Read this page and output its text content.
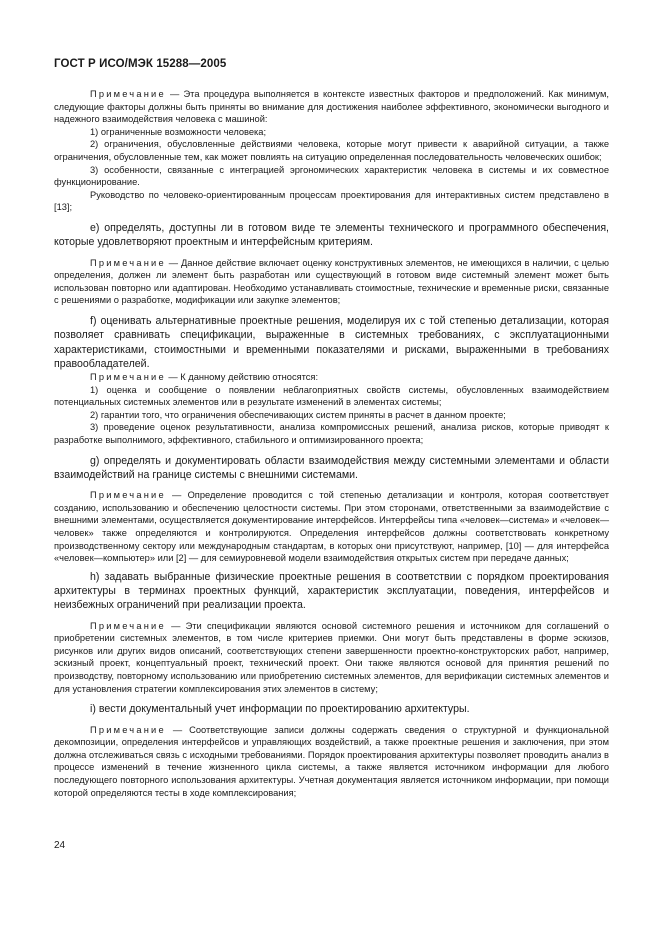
ГОСТ Р ИСО/МЭК 15288—2005

Примечание — Эта процедура выполняется в контексте известных факторов и предположений. Как минимум, следующие факторы должны быть приняты во внимание для достижения наиболее эффективного, экономически выгодного и надежного взаимодействия человека с машиной:

1) ограниченные возможности человека;

2) ограничения, обусловленные действиями человека, которые могут привести к аварийной ситуации, а также ограничения, обусловленные тем, как может повлиять на ситуацию определенная последовательность человеческих ошибок;

3) особенности, связанные с интеграцией эргономических характеристик человека в системы и их совместное функционирование.

Руководство по человеко-ориентированным процессам проектирования для интерактивных систем представлено в [13];

e) определять, доступны ли в готовом виде те элементы технического и программного обеспечения, которые удовлетворяют проектным и интерфейсным критериям.

Примечание — Данное действие включает оценку конструктивных элементов, не имеющихся в наличии, с целью определения, должен ли элемент быть разработан или существующий в готовом виде системный элемент может быть использован повторно или адаптирован. Необходимо устанавливать стоимостные, технические и временные риски, связанные с решениями о разработке, модификации или закупке элементов;

f) оценивать альтернативные проектные решения, моделируя их с той степенью детализации, которая позволяет сравнивать спецификации, выраженные в системных требованиях, с эксплуатационными характеристиками, стоимостными и временными показателями и рисками, выраженными в требованиях правообладателей.

Примечание — К данному действию относятся:

1) оценка и сообщение о появлении неблагоприятных свойств системы, обусловленных взаимодействием потенциальных системных элементов или в результате изменений в элементах системы;

2) гарантии того, что ограничения обеспечивающих систем приняты в расчет в данном проекте;

3) проведение оценок результативности, анализа компромиссных решений, анализа рисков, которые приводят к разработке выполнимого, эффективного, стабильного и оптимизированного проекта;

g) определять и документировать области взаимодействия между системными элементами и области взаимодействий на границе системы с внешними системами.

Примечание — Определение проводится с той степенью детализации и контроля, которая соответствует созданию, использованию и обеспечению целостности системы. При этом сторонами, ответственными за взаимодействие с внешними элементами, осуществляется документирование интерфейсов. Интерфейсы типа «человек—система» и «человек—человек» также определяются и контролируются. Определения интерфейсов должны соответствовать конкретному производственному сектору или международным стандартам, в которых они присутствуют, например, [10] — для интерфейса «человек—компьютер» или [2] — для семиуровневой модели взаимодействия открытых систем при передаче данных;

h) задавать выбранные физические проектные решения в соответствии с порядком проектирования архитектуры в терминах проектных функций, характеристик эксплуатации, поведения, интерфейсов и неизбежных ограничений при реализации проекта.

Примечание — Эти спецификации являются основой системного решения и источником для соглашений о приобретении системных элементов, в том числе критериев приемки. Они могут быть представлены в форме эскизов, рисунков или других видов описаний, соответствующих степени завершенности проектно-конструкторских работ, например, эскизный проект, концептуальный проект, технический проект. Они также являются основой для принятия решений по производству, повторному использованию или приобретению системных элементов, для верификации системных элементов и для установления стратегии комплексирования этих элементов в систему;

i) вести документальный учет информации по проектированию архитектуры.

Примечание — Соответствующие записи должны содержать сведения о структурной и функциональной декомпозиции, определения интерфейсов и управляющих воздействий, а также проектные решения и заключения, при этом должна отслеживаться связь с исходными требованиями. Порядок проектирования архитектуры позволяет проводить анализ в процессе изменений в течение жизненного цикла системы, а также является источником информации для любого последующего повторного использования архитектуры. Учетная документация является источником информации, при помощи которой определяются тесты в ходе комплексирования;

24
